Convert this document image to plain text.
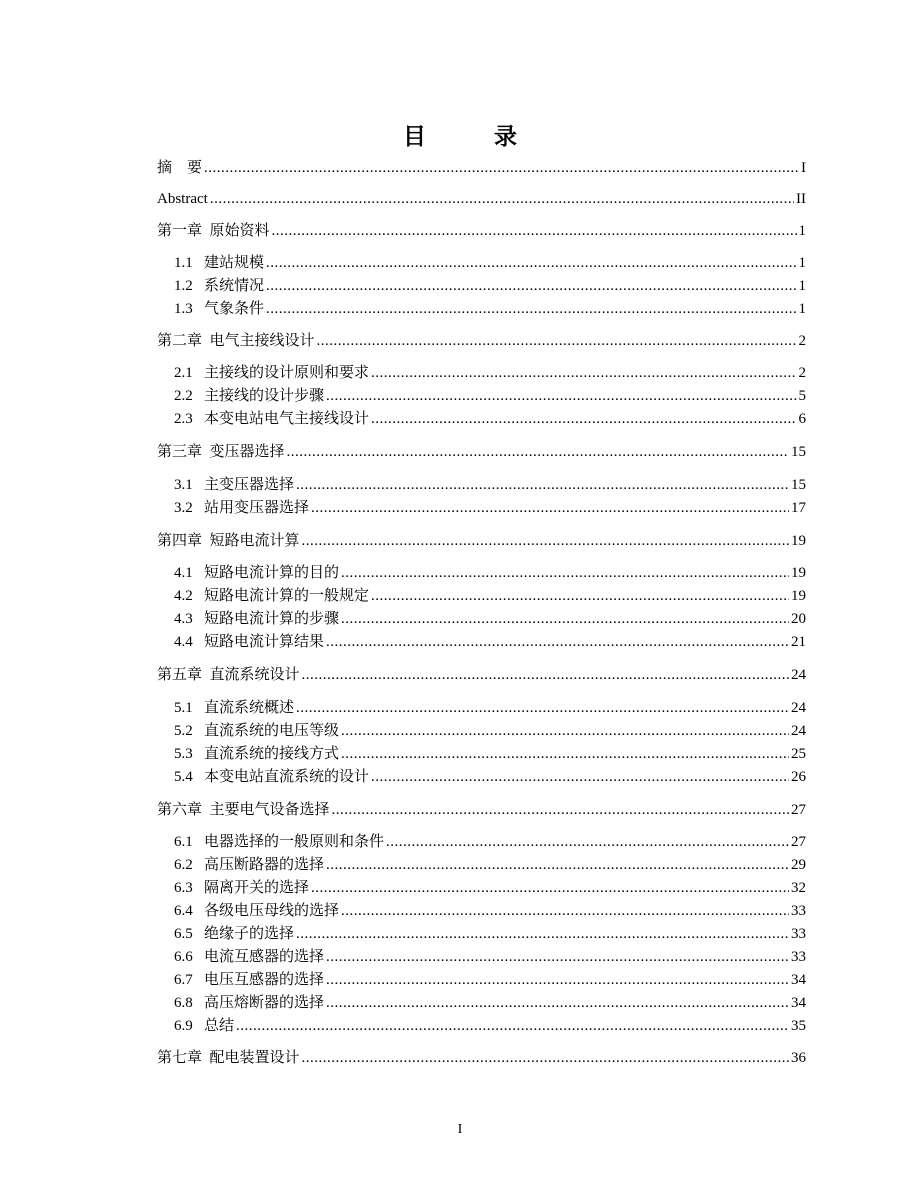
目	录
摘    要 .....	I
Abstract .....	II
第一章  原始资料 .....	1
1.1 建站规模 .....	1
1.2 系统情况 .....	1
1.3 气象条件 .....	1
第二章  电气主接线设计 .....	2
2.1 主接线的设计原则和要求 .....	2
2.2 主接线的设计步骤 .....	5
2.3 本变电站电气主接线设计 .....	6
第三章  变压器选择 .....	15
3.1 主变压器选择 .....	15
3.2 站用变压器选择 .....	17
第四章  短路电流计算 .....	19
4.1 短路电流计算的目的 .....	19
4.2 短路电流计算的一般规定 .....	19
4.3 短路电流计算的步骤 .....	20
4.4 短路电流计算结果 .....	21
第五章  直流系统设计 .....	24
5.1 直流系统概述 .....	24
5.2 直流系统的电压等级 .....	24
5.3 直流系统的接线方式 .....	25
5.4 本变电站直流系统的设计 .....	26
第六章  主要电气设备选择 .....	27
6.1 电器选择的一般原则和条件 .....	27
6.2 高压断路器的选择 .....	29
6.3 隔离开关的选择 .....	32
6.4 各级电压母线的选择 .....	33
6.5 绝缘子的选择 .....	33
6.6 电流互感器的选择 .....	33
6.7 电压互感器的选择 .....	34
6.8 高压熔断器的选择 .....	34
6.9 总结 .....	35
第七章  配电装置设计 .....	36
I
